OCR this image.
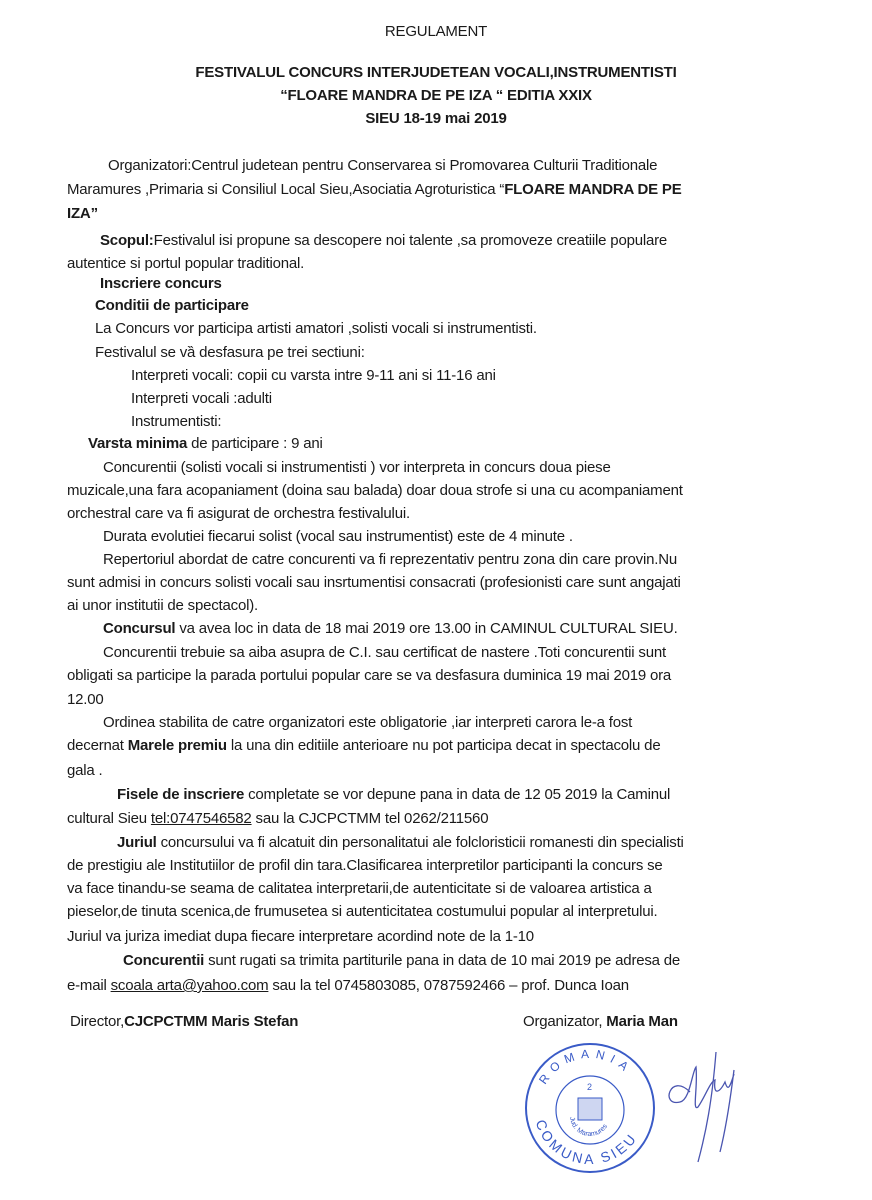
REGULAMENT
FESTIVALUL CONCURS INTERJUDETEAN VOCALI,INSTRUMENTISTI
“FLOARE MANDRA DE PE IZA “ EDITIA XXIX
SIEU 18-19 mai 2019
Organizatori:Centrul judetean pentru Conservarea si Promovarea Culturii Traditionale
Maramures ,Primaria si Consiliul Local Sieu,Asociatia Agroturistica “FLOARE MANDRA DE PE
IZA”
Scopul:Festivalul isi propune sa descopere noi talente ,sa promoveze creatiile populare
autentice si portul popular traditional.
Inscriere concurs
Conditii de participare
La Concurs vor participa artisti amatori ,solisti vocali si instrumentisti.
Festivalul se vȁ desfasura pe trei sectiuni:
Interpreti vocali: copii cu varsta intre 9-11 ani si 11-16 ani
Interpreti vocali :adulti
Instrumentisti:
Varsta minima de participare : 9 ani
Concurentii (solisti vocali si instrumentisti ) vor interpreta in concurs doua piese
muzicale,una fara acopaniament (doina sau balada) doar doua strofe si una cu acompaniament
orchestral care va fi asigurat de orchestra festivalului.
Durata evolutiei fiecarui solist (vocal sau instrumentist) este de 4 minute .
Repertoriul abordat de catre concurenti va fi reprezentativ pentru zona din care provin.Nu
sunt admisi in concurs solisti vocali sau insrtumentisi consacrati (profesionisti care sunt angajati
ai unor institutii de spectacol).
Concursul va avea loc in data de 18 mai 2019 ore 13.00 in CAMINUL CULTURAL SIEU.
Concurentii trebuie sa aiba asupra de C.I. sau certificat de nastere .Toti concurentii sunt
obligati sa participe la parada portului popular care se va desfasura duminica 19 mai 2019 ora
12.00
Ordinea stabilita de catre organizatori este obligatorie ,iar interpreti carora le-a fost
decernat Marele premiu la una din editiile anterioare nu pot participa decat in spectacolu de
gala .
Fisele de inscriere completate se vor depune pana in data de 12 05 2019 la Caminul
cultural Sieu tel:0747546582 sau la CJCPCTMM tel 0262/211560
Juriul concursului va fi alcatuit din personalitatui ale folcloristicii romanesti din specialisti
de prestigiu ale Institutiilor de profil din tara.Clasificarea interpretilor participanti la concurs se
va face tinandu-se seama de calitatea interpretarii,de autenticitate si de valoarea artistica a
pieselor,de tinuta scenica,de frumusetea si autenticitatea costumului popular al interpretului.
Juriul va juriza imediat dupa fiecare interpretare acordind note de la 1-10
Concurentii sunt rugati sa trimita partiturile pana in data de 10 mai 2019 pe adresa de
e-mail scoala arta@yahoo.com sau la tel 0745803085, 0787592466 – prof. Dunca Ioan
Director,CJCPCTMM Maris Stefan	Organizator, Maria Man
ROMANIA
COMUNA SIEU
Jud. Maramures
2
